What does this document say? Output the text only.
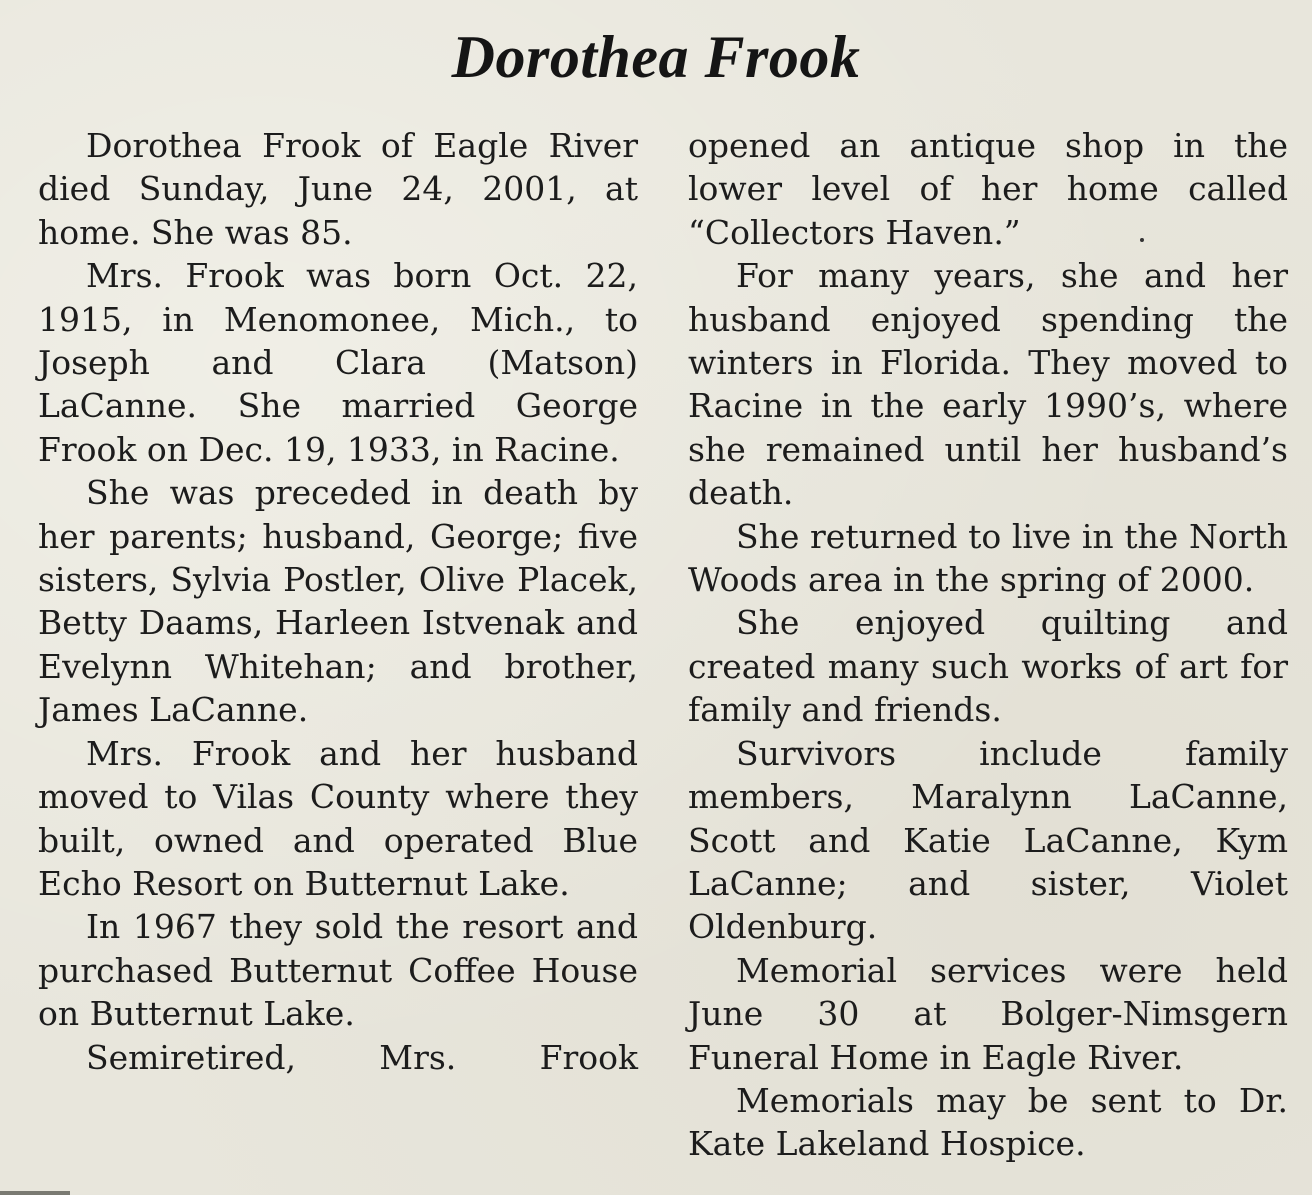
Dorothea Frook

Dorothea Frook of Eagle River died Sunday, June 24, 2001, at home. She was 85.

Mrs. Frook was born Oct. 22, 1915, in Menomonee, Mich., to Joseph and Clara (Matson) LaCanne. She married George Frook on Dec. 19, 1933, in Racine.

She was preceded in death by her parents; husband, George; five sisters, Sylvia Postler, Olive Placek, Betty Daams, Harleen Istvenak and Evelynn Whitehan; and brother, James LaCanne.

Mrs. Frook and her husband moved to Vilas County where they built, owned and operated Blue Echo Resort on Butternut Lake.

In 1967 they sold the resort and purchased Butternut Coffee House on Butternut Lake.

Semiretired, Mrs. Frook

opened an antique shop in the lower level of her home called “Collectors Haven.”

For many years, she and her husband enjoyed spending the winters in Florida. They moved to Racine in the early 1990’s, where she remained until her husband’s death.

She returned to live in the North Woods area in the spring of 2000.

She enjoyed quilting and created many such works of art for family and friends.

Survivors include family members, Maralynn LaCanne, Scott and Katie LaCanne, Kym LaCanne; and sister, Violet Oldenburg.

Memorial services were held June 30 at Bolger-Nimsgern Funeral Home in Eagle River.

Memorials may be sent to Dr. Kate Lakeland Hospice.
